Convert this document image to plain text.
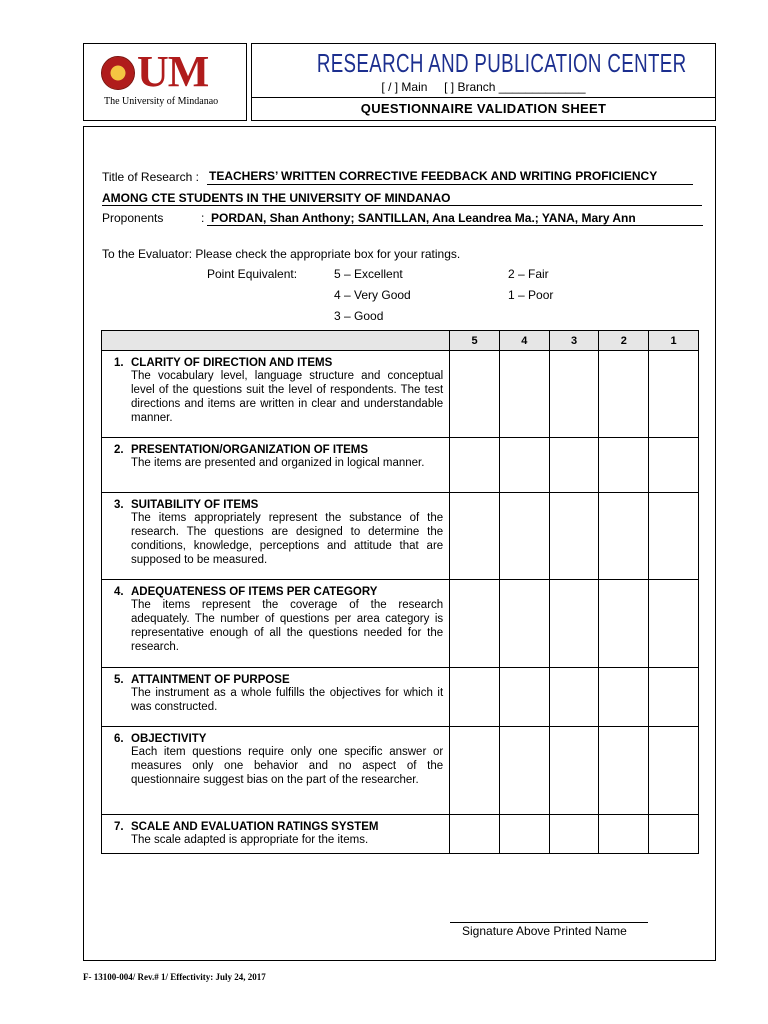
UM
The University of Mindanao
RESEARCH AND PUBLICATION CENTER
[ / ] Main [ ] Branch _____________
QUESTIONNAIRE VALIDATION SHEET
Title of Research : TEACHERS’ WRITTEN CORRECTIVE FEEDBACK AND WRITING PROFICIENCY
AMONG CTE STUDENTS IN THE UNIVERSITY OF MINDANAO
Proponents	: PORDAN, Shan Anthony; SANTILLAN, Ana Leandrea Ma.; YANA, Mary Ann
To the Evaluator: Please check the appropriate box for your ratings.
Point Equivalent:	5 – Excellent
4 – Very Good
3 – Good
2 – Fair
1 – Poor
	5	4	3	2	1

1. CLARITY OF DIRECTION AND ITEMS
The vocabulary level, language structure and conceptual level of the questions suit the level of respondents. The test directions and items are written in clear and understandable manner.					

2. PRESENTATION/ORGANIZATION OF ITEMS
The items are presented and organized in logical manner.					

3. SUITABILITY OF ITEMS
The items appropriately represent the substance of the research. The questions are designed to determine the conditions, knowledge, perceptions and attitude that are supposed to be measured.					

4. ADEQUATENESS OF ITEMS PER CATEGORY
The items represent the coverage of the research adequately. The number of questions per area category is representative enough of all the questions needed for the research.					

5. ATTAINTMENT OF PURPOSE
The instrument as a whole fulfills the objectives for which it was constructed.					

6. OBJECTIVITY
Each item questions require only one specific answer or measures only one behavior and no aspect of the questionnaire suggest bias on the part of the researcher.					

7. SCALE AND EVALUATION RATINGS SYSTEM
The scale adapted is appropriate for the items.					

Signature Above Printed Name
F- 13100-004/ Rev.# 1/ Effectivity: July 24, 2017
